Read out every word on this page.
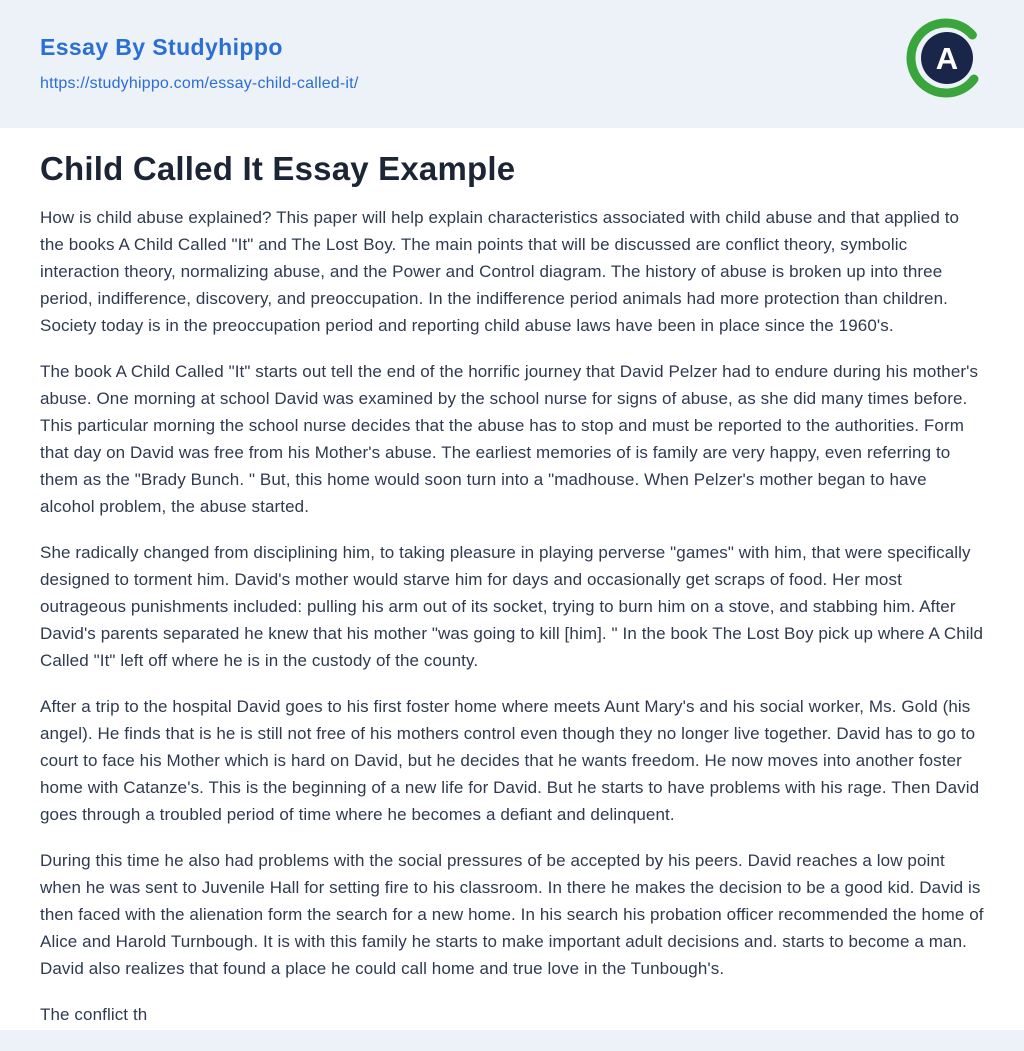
Essay By Studyhippo
https://studyhippo.com/essay-child-called-it/
A
Child Called It Essay Example

How is child abuse explained? This paper will help explain characteristics associated with child abuse and that applied to the books A Child Called "It" and The Lost Boy. The main points that will be discussed are conflict theory, symbolic interaction theory, normalizing abuse, and the Power and Control diagram. The history of abuse is broken up into three period, indifference, discovery, and preoccupation. In the indifference period animals had more protection than children. Society today is in the preoccupation period and reporting child abuse laws have been in place since the 1960's.

The book A Child Called "It" starts out tell the end of the horrific journey that David Pelzer had to endure during his mother's abuse. One morning at school David was examined by the school nurse for signs of abuse, as she did many times before. This particular morning the school nurse decides that the abuse has to stop and must be reported to the authorities. Form that day on David was free from his Mother's abuse. The earliest memories of is family are very happy, even referring to them as the "Brady Bunch. " But, this home would soon turn into a "madhouse. When Pelzer's mother began to have alcohol problem, the abuse started.

She radically changed from disciplining him, to taking pleasure in playing perverse "games" with him, that were specifically designed to torment him. David's mother would starve him for days and occasionally get scraps of food. Her most outrageous punishments included: pulling his arm out of its socket, trying to burn him on a stove, and stabbing him. After David's parents separated he knew that his mother "was going to kill [him]. " In the book The Lost Boy pick up where A Child Called "It" left off where he is in the custody of the county.

After a trip to the hospital David goes to his first foster home where meets Aunt Mary's and his social worker, Ms. Gold (his angel). He finds that is he is still not free of his mothers control even though they no longer live together. David has to go to court to face his Mother which is hard on David, but he decides that he wants freedom. He now moves into another foster home with Catanze's. This is the beginning of a new life for David. But he starts to have problems with his rage. Then David goes through a troubled period of time where he becomes a defiant and delinquent.

During this time he also had problems with the social pressures of be accepted by his peers. David reaches a low point when he was sent to Juvenile Hall for setting fire to his classroom. In there he makes the decision to be a good kid. David is then faced with the alienation form the search for a new home. In his search his probation officer recommended the home of Alice and Harold Turnbough. It is with this family he starts to make important adult decisions and. starts to become a man. David also realizes that found a place he could call home and true love in the Tunbough's.

The conflict th
